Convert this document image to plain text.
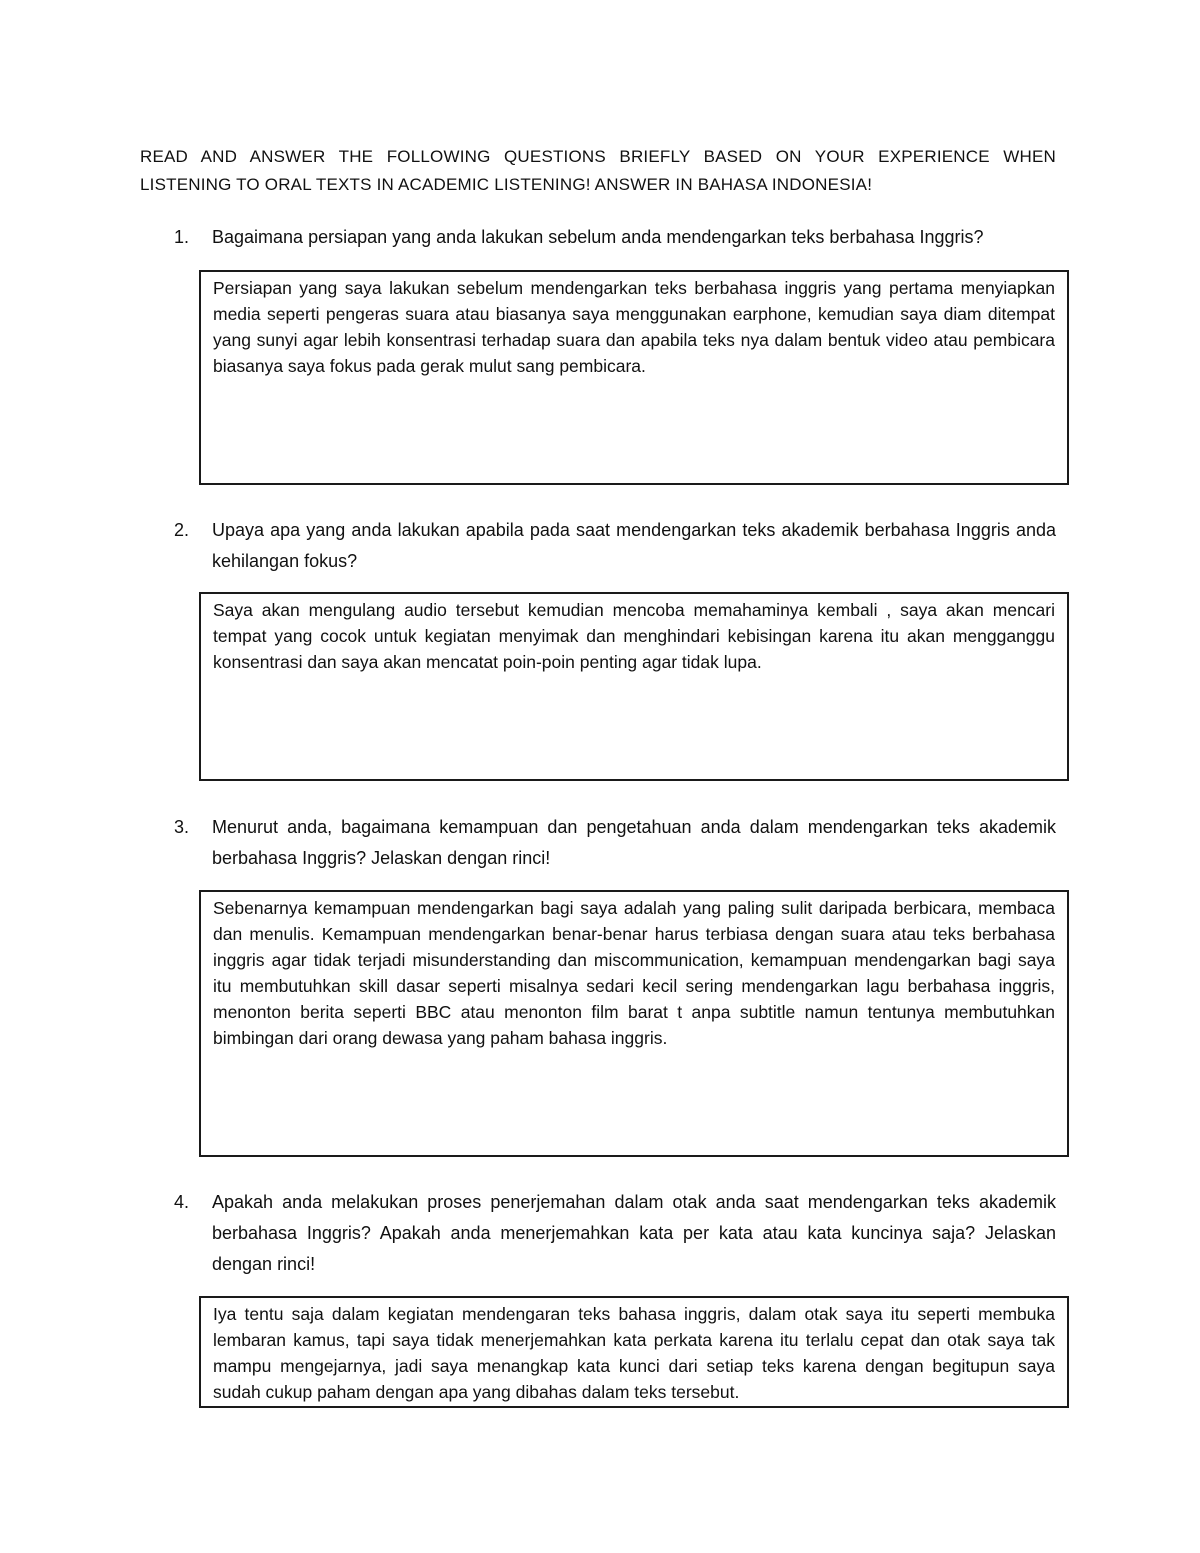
READ AND ANSWER THE FOLLOWING QUESTIONS BRIEFLY BASED ON YOUR EXPERIENCE WHEN LISTENING TO ORAL TEXTS IN ACADEMIC LISTENING! ANSWER IN BAHASA INDONESIA!
1.	Bagaimana persiapan yang anda lakukan sebelum anda mendengarkan teks berbahasa Inggris?
Persiapan yang saya lakukan sebelum mendengarkan teks berbahasa inggris yang pertama menyiapkan media seperti pengeras suara atau biasanya saya menggunakan earphone, kemudian saya diam ditempat yang sunyi agar lebih konsentrasi terhadap suara dan apabila teks nya dalam bentuk video atau pembicara biasanya saya fokus pada gerak mulut sang pembicara.
2.	Upaya apa yang anda lakukan apabila pada saat mendengarkan teks akademik berbahasa Inggris anda kehilangan fokus?
Saya akan mengulang audio tersebut kemudian mencoba memahaminya kembali , saya akan mencari tempat yang cocok untuk kegiatan menyimak dan menghindari kebisingan karena itu akan mengganggu konsentrasi dan saya akan mencatat poin-poin penting agar tidak lupa.
3.	Menurut anda, bagaimana kemampuan dan pengetahuan anda dalam mendengarkan teks akademik berbahasa Inggris? Jelaskan dengan rinci!
Sebenarnya kemampuan mendengarkan bagi saya adalah yang paling sulit daripada berbicara, membaca dan menulis. Kemampuan mendengarkan benar-benar harus terbiasa dengan suara atau teks berbahasa inggris agar tidak terjadi misunderstanding dan miscommunication, kemampuan mendengarkan bagi saya itu membutuhkan skill dasar seperti misalnya sedari kecil sering mendengarkan lagu berbahasa inggris, menonton berita seperti BBC atau menonton film barat t anpa subtitle namun tentunya membutuhkan bimbingan dari orang dewasa yang paham bahasa inggris.
4.	Apakah anda melakukan proses penerjemahan dalam otak anda saat mendengarkan teks akademik berbahasa Inggris? Apakah anda menerjemahkan kata per kata atau kata kuncinya saja? Jelaskan dengan rinci!
Iya tentu saja dalam kegiatan mendengaran teks bahasa inggris, dalam otak saya itu seperti membuka lembaran kamus, tapi saya tidak menerjemahkan kata perkata karena itu terlalu cepat dan otak saya tak mampu mengejarnya, jadi saya menangkap kata kunci dari setiap teks karena dengan begitupun saya sudah cukup paham dengan apa yang dibahas dalam teks tersebut.
